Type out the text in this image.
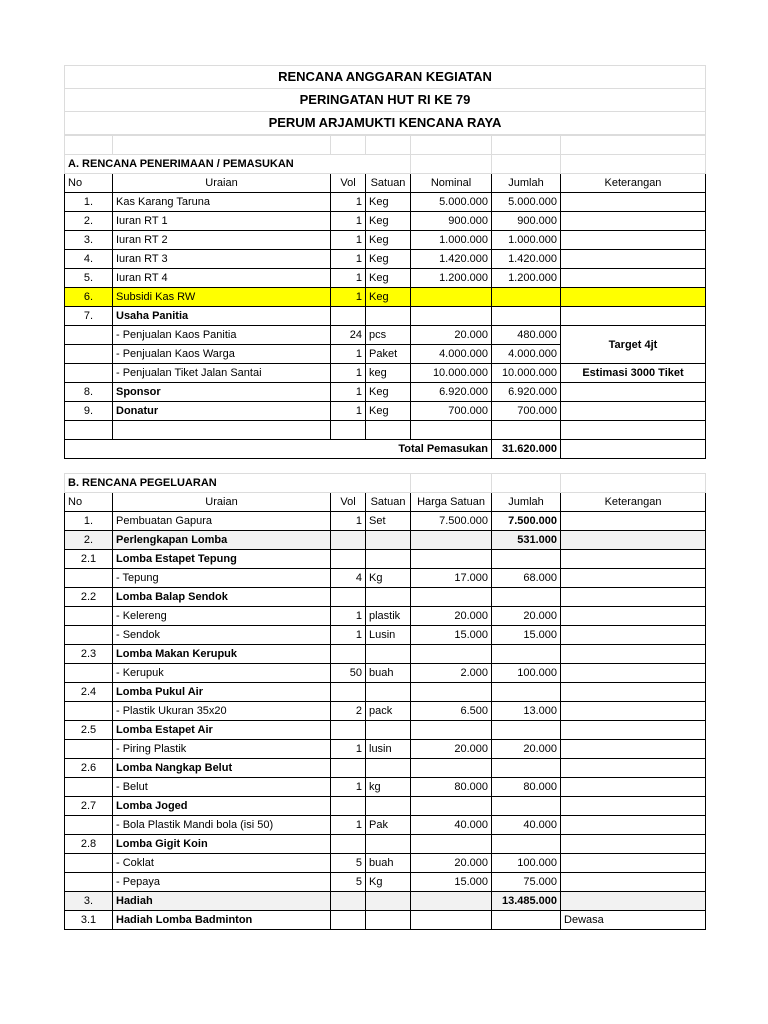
RENCANA ANGGARAN KEGIATAN
PERINGATAN HUT RI KE 79
PERUM ARJAMUKTI KENCANA RAYA

A. RENCANA PENERIMAAN / PEMASUKAN						
No	Uraian	Vol	Satuan	Nominal	Jumlah	Keterangan
1.	Kas Karang Taruna	1	Keg	5.000.000	5.000.000	
2.	Iuran RT 1	1	Keg	900.000	900.000	
3.	Iuran RT 2	1	Keg	1.000.000	1.000.000	
4.	Iuran RT 3	1	Keg	1.420.000	1.420.000	
5.	Iuran RT 4	1	Keg	1.200.000	1.200.000	
6.	Subsidi Kas RW	1	Keg			
7.	Usaha Panitia					
	- Penjualan Kaos Panitia	24	pcs	20.000	480.000	Target 4jt
	- Penjualan Kaos Warga	1	Paket	4.000.000	4.000.000	
	- Penjualan Tiket Jalan Santai	1	keg	10.000.000	10.000.000	Estimasi 3000 Tiket
8.	Sponsor	1	Keg	6.920.000	6.920.000	
9.	Donatur	1	Keg	700.000	700.000	

Total Pemasukan					31.620.000	
B. RENCANA PEGELUARAN						
No	Uraian	Vol	Satuan	Harga Satuan	Jumlah	Keterangan
1.	Pembuatan Gapura	1	Set	7.500.000	7.500.000	
2.	Perlengkapan Lomba				531.000	
2.1	Lomba Estapet Tepung					
	- Tepung	4	Kg	17.000	68.000	
2.2	Lomba Balap Sendok					
	- Kelereng	1	plastik	20.000	20.000	
	- Sendok	1	Lusin	15.000	15.000	
2.3	Lomba Makan Kerupuk					
	- Kerupuk	50	buah	2.000	100.000	
2.4	Lomba Pukul Air					
	- Plastik Ukuran 35x20	2	pack	6.500	13.000	
2.5	Lomba Estapet Air					
	- Piring Plastik	1	lusin	20.000	20.000	
2.6	Lomba Nangkap Belut					
	- Belut	1	kg	80.000	80.000	
2.7	Lomba Joged					
	- Bola Plastik Mandi bola (isi 50)	1	Pak	40.000	40.000	
2.8	Lomba Gigit Koin					
	- Coklat	5	buah	20.000	100.000	
	- Pepaya	5	Kg	15.000	75.000	
3.	Hadiah				13.485.000	
3.1	Hadiah Lomba Badminton					Dewasa
